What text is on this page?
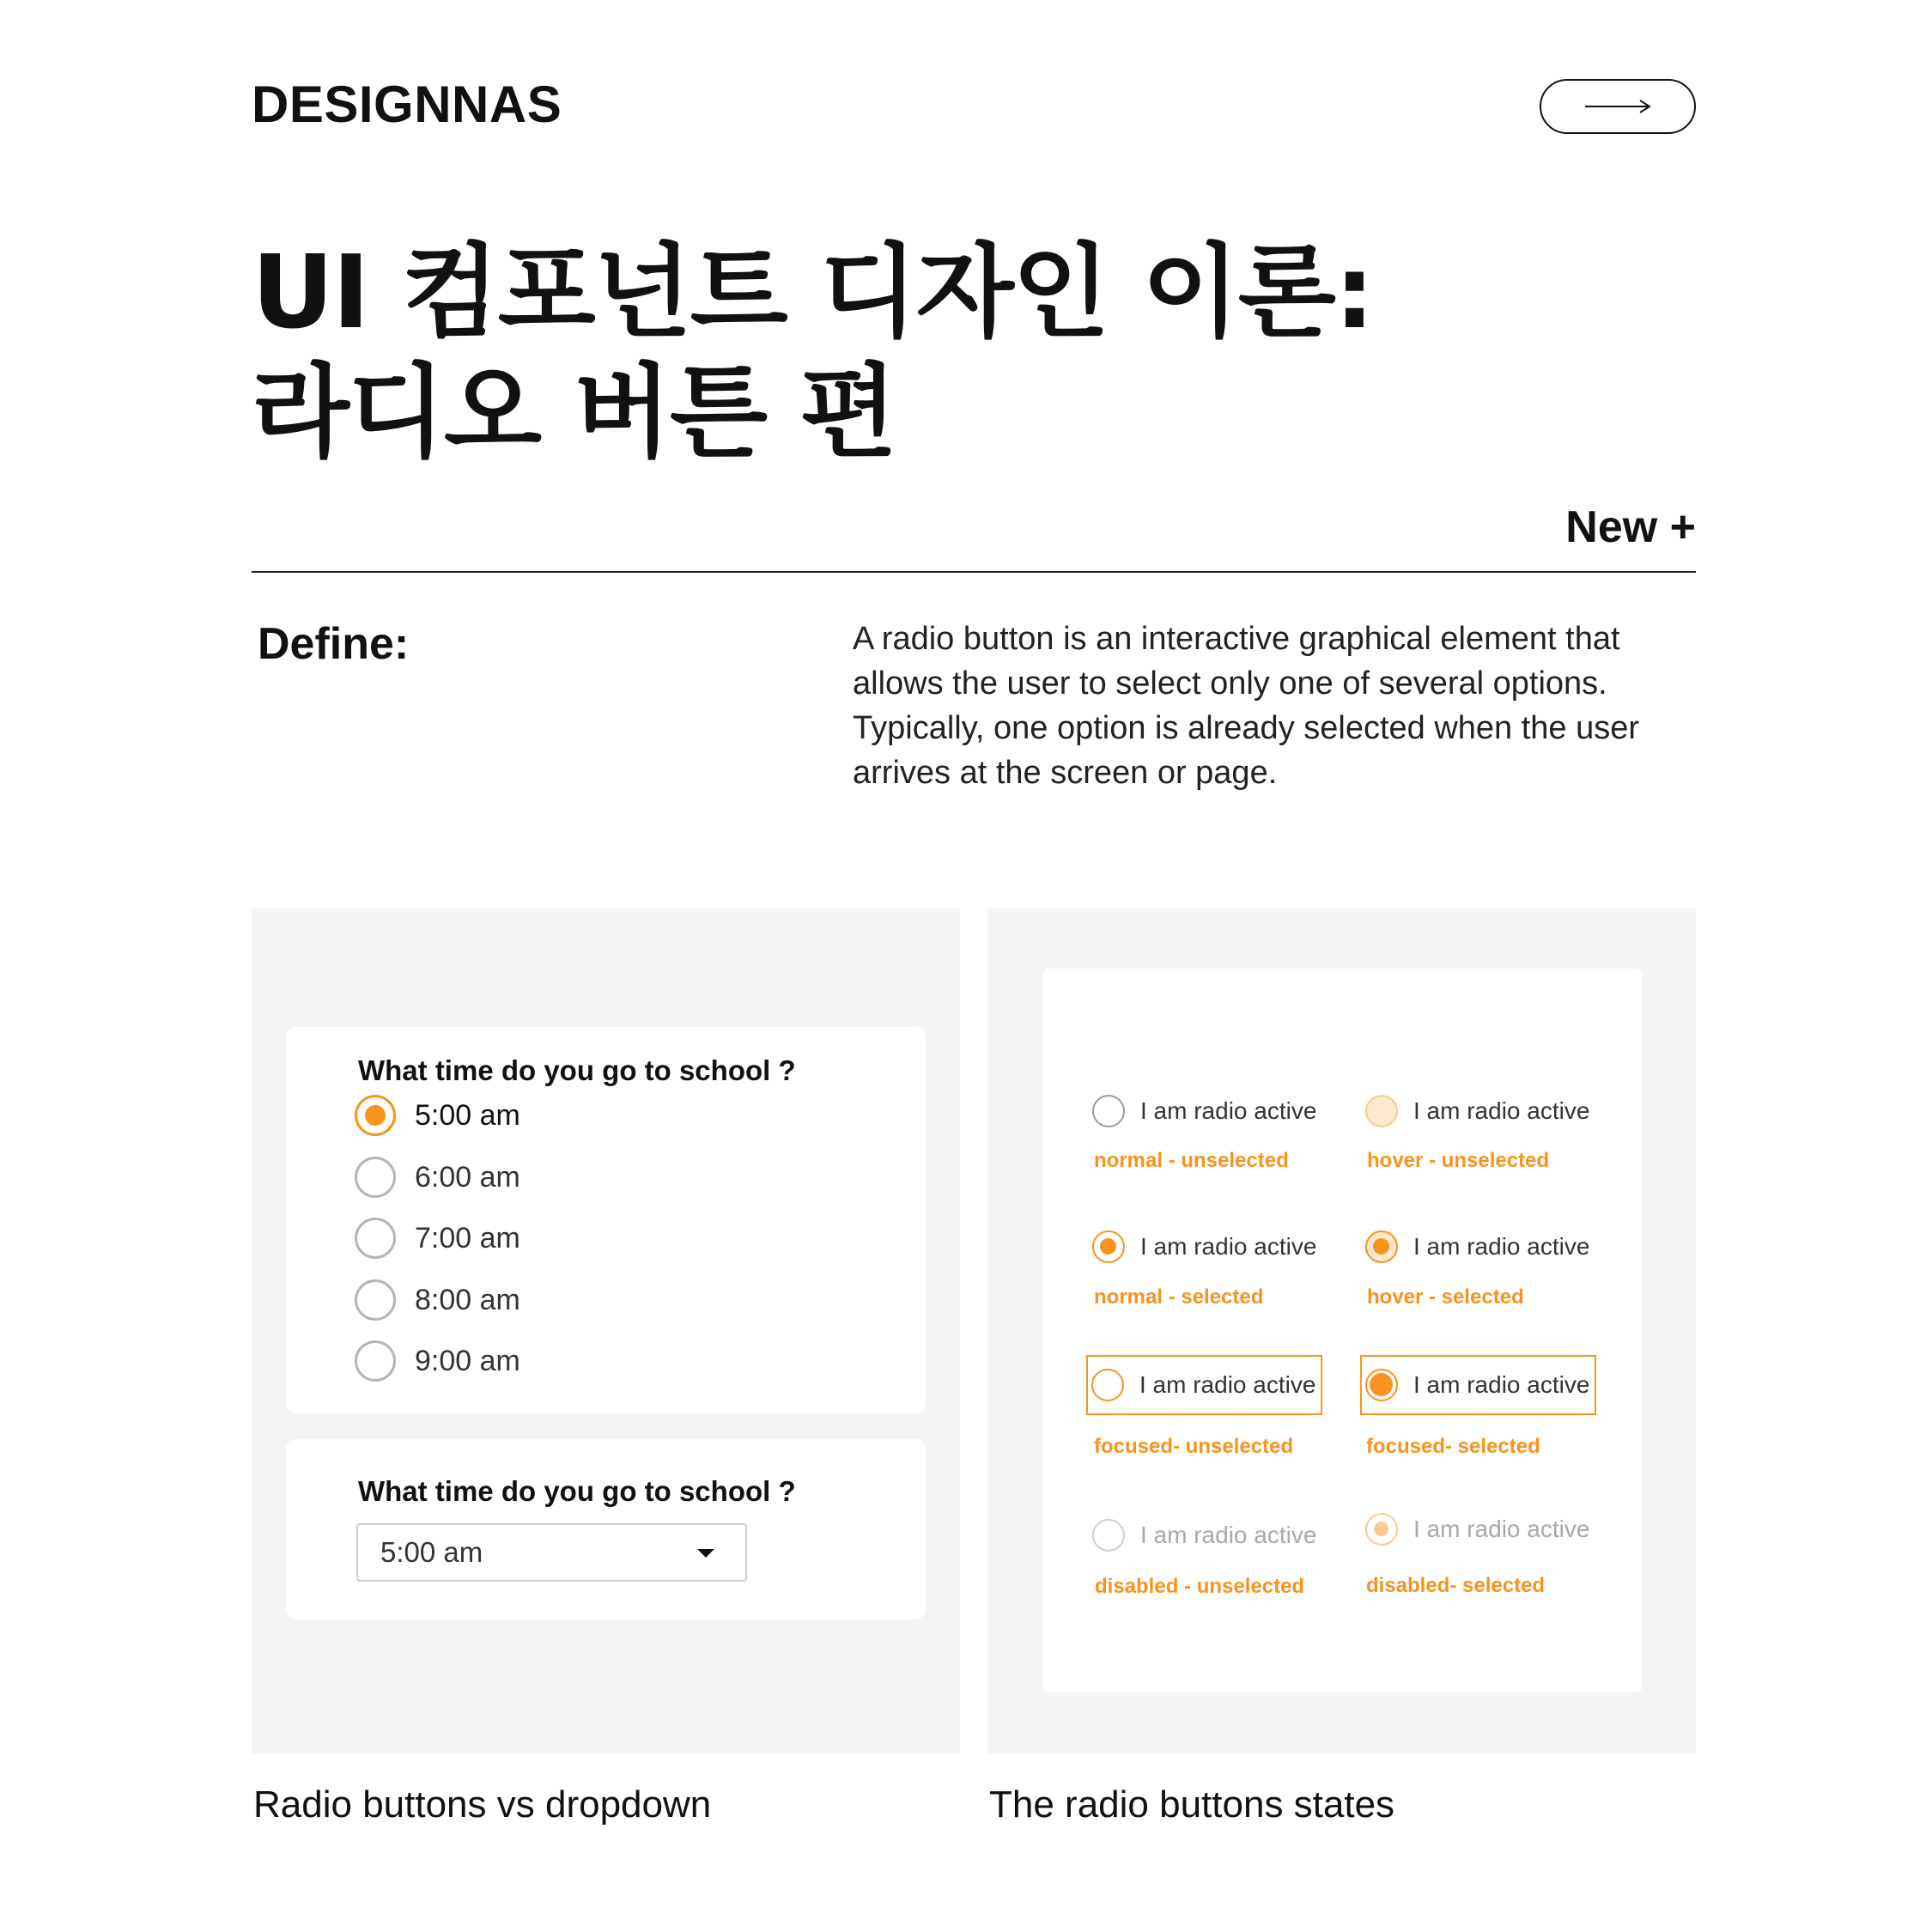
DESIGNNAS
UI 컴포넌트 디자인 이론:
라디오 버튼 편
New +
Define:	A radio button is an interactive graphical element that allows the user to select only one of several options. Typically, one option is already selected when the user arrives at the screen or page.
What time do you go to school ?
5:00 am
6:00 am
7:00 am
8:00 am
9:00 am
What time do you go to school ?
5:00 am
I am radio active
normal - unselected
I am radio active
hover - unselected
I am radio active
normal - selected
I am radio active
hover - selected
I am radio active
focused- unselected
I am radio active
focused- selected
I am radio active
disabled - unselected
I am radio active
disabled- selected
Radio buttons vs dropdown	The radio buttons states
